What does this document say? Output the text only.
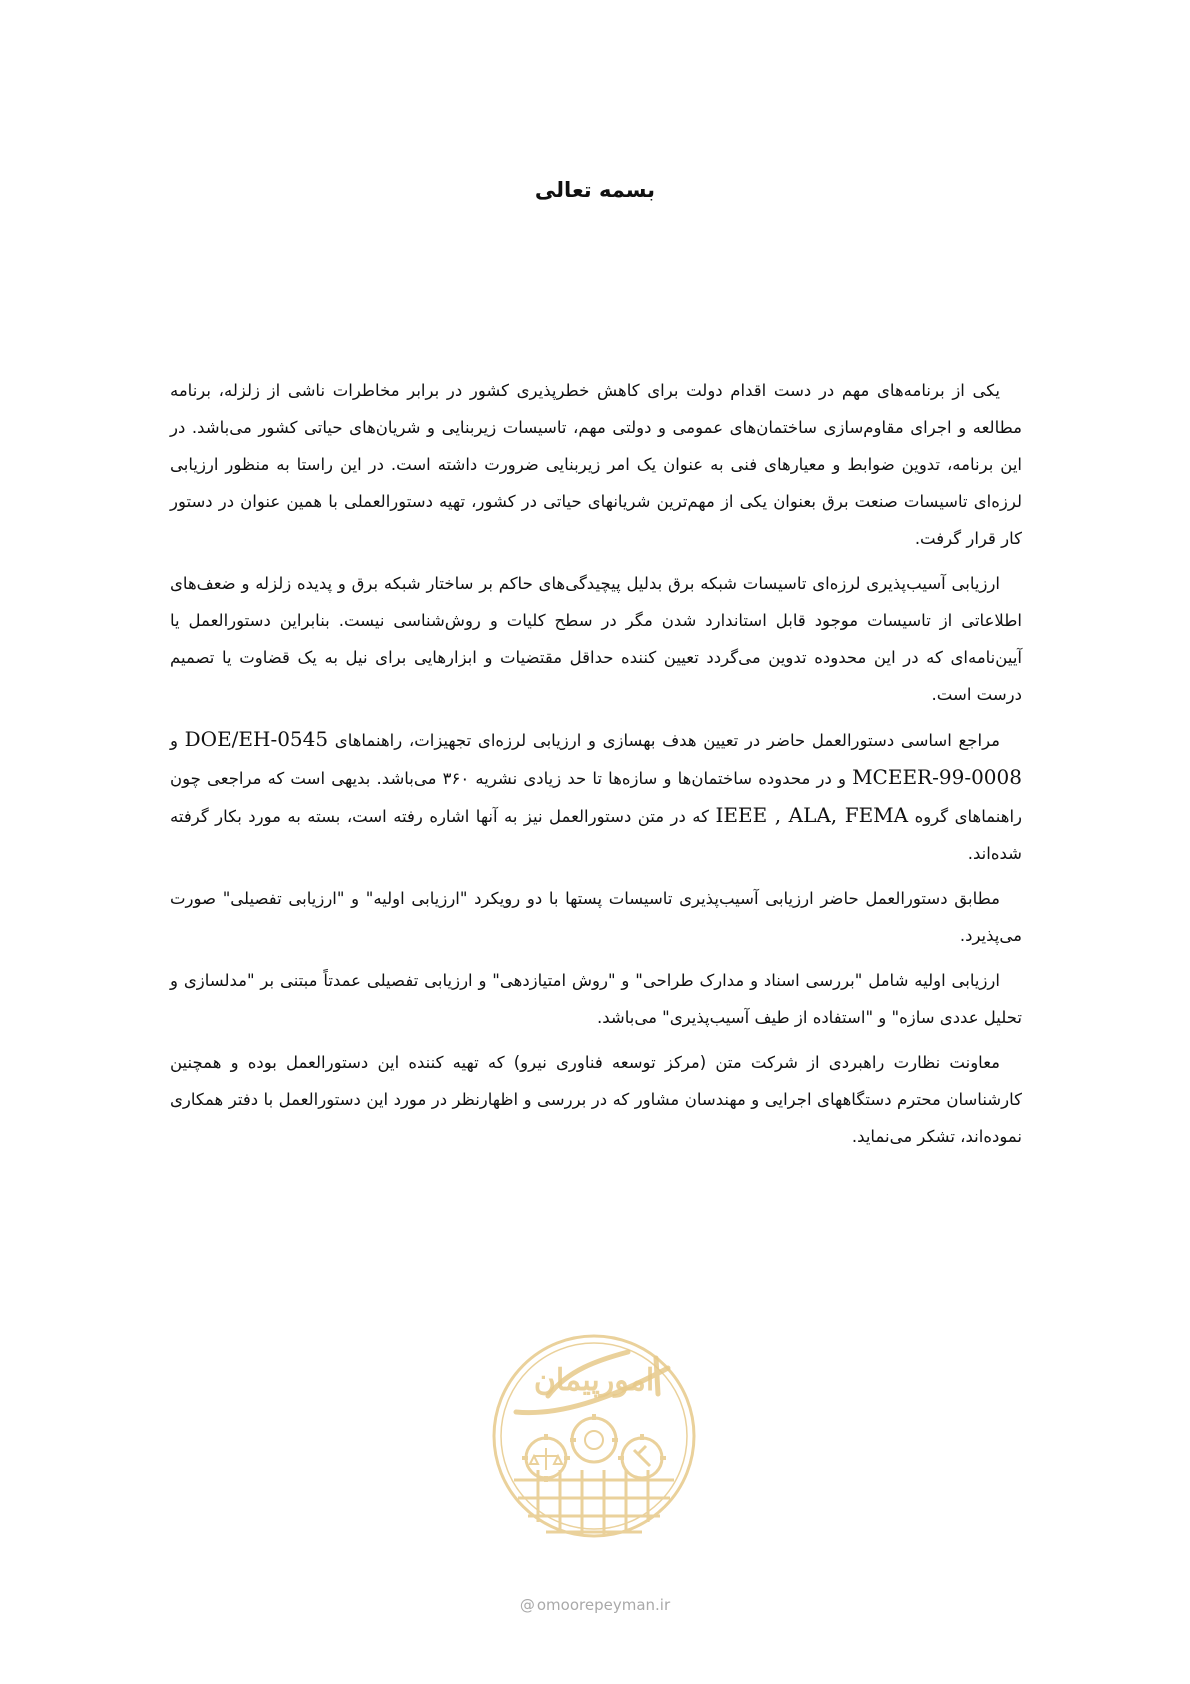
بسمه تعالی

یکی از برنامه‌های مهم در دست اقدام دولت برای کاهش خطرپذیری کشور در برابر مخاطرات ناشی از زلزله، برنامه مطالعه و اجرای مقاوم‌سازی ساختمان‌های عمومی و دولتی مهم، تاسیسات زیربنایی و شریان‌های حیاتی کشور می‌باشد. در این برنامه، تدوین ضوابط و معیارهای فنی به عنوان یک امر زیربنایی ضرورت داشته است. در این راستا به منظور ارزیابی لرزه‌ای تاسیسات صنعت برق بعنوان یکی از مهم‌ترین شریانهای حیاتی در کشور، تهیه دستورالعملی با همین عنوان در دستور کار قرار گرفت.

ارزیابی آسیب‌پذیری لرزه‌ای تاسیسات شبکه برق بدلیل پیچیدگی‌های حاکم بر ساختار شبکه برق و پدیده زلزله و ضعف‌های اطلاعاتی از تاسیسات موجود قابل استاندارد شدن مگر در سطح کلیات و روش‌شناسی نیست. بنابراین دستورالعمل یا آیین‌نامه‌ای که در این محدوده تدوین می‌گردد تعیین کننده حداقل مقتضیات و ابزارهایی برای نیل به یک قضاوت یا تصمیم درست است.

مراجع اساسی دستورالعمل حاضر در تعیین هدف بهسازی و ارزیابی لرزه‌ای تجهیزات، راهنماهای DOE/EH-0545 و MCEER-99-0008 و در محدوده ساختمان‌ها و سازه‌ها تا حد زیادی نشریه ۳۶۰ می‌باشد. بدیهی است که مراجعی چون راهنماهای گروه IEEE , ALA, FEMA که در متن دستورالعمل نیز به آنها اشاره رفته است، بسته به مورد بکار گرفته شده‌اند.

مطابق دستورالعمل حاضر ارزیابی آسیب‌پذیری تاسیسات پستها با دو رویکرد "ارزیابی اولیه" و "ارزیابی تفصیلی" صورت می‌پذیرد.

ارزیابی اولیه شامل "بررسی اسناد و مدارک طراحی" و "روش امتیازدهی" و ارزیابی تفصیلی عمدتاً مبتنی بر "مدلسازی و تحلیل عددی سازه" و "استفاده از طیف آسیب‌پذیری" می‌باشد.

معاونت نظارت راهبردی از شرکت متن (مرکز توسعه فناوری نیرو) که تهیه کننده این دستورالعمل بوده و همچنین کارشناسان محترم دستگاههای اجرایی و مهندسان مشاور که در بررسی و اظهارنظر در مورد این دستورالعمل با دفتر همکاری نموده‌اند، تشکر می‌نماید.

امورپیمان
@ omoorepeyman.ir
